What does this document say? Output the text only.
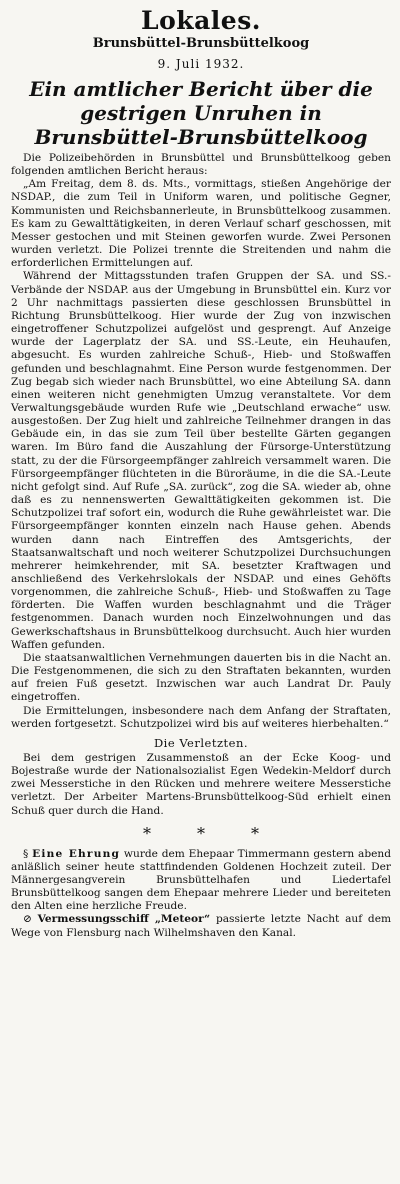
Lokales.
Brunsbüttel-Brunsbüttelkoog
9. Juli 1932.
Ein amtlicher Bericht über die gestrigen Unruhen in Brunsbüttel-Brunsbüttelkoog

Die Polizeibehörden in Brunsbüttel und Brunsbüttelkoog geben folgenden amtlichen Bericht heraus:

„Am Freitag, dem 8. ds. Mts., vormittags, stießen Angehörige der NSDAP., die zum Teil in Uniform waren, und politische Gegner, Kommunisten und Reichsbannerleute, in Brunsbüttelkoog zusammen. Es kam zu Gewalttätigkeiten, in deren Verlauf scharf geschossen, mit Messer gestochen und mit Steinen geworfen wurde. Zwei Personen wurden verletzt. Die Polizei trennte die Streitenden und nahm die erforderlichen Ermittelungen auf.

Während der Mittagsstunden trafen Gruppen der SA. und SS.-Verbände der NSDAP. aus der Umgebung in Brunsbüttel ein. Kurz vor 2 Uhr nachmittags passierten diese geschlossen Brunsbüttel in Richtung Brunsbüttelkoog. Hier wurde der Zug von inzwischen eingetroffener Schutzpolizei aufgelöst und gesprengt. Auf Anzeige wurde der Lagerplatz der SA. und SS.-Leute, ein Heuhaufen, abgesucht. Es wurden zahlreiche Schuß-, Hieb- und Stoßwaffen gefunden und beschlagnahmt. Eine Person wurde festgenommen. Der Zug begab sich wieder nach Brunsbüttel, wo eine Abteilung SA. dann einen weiteren nicht genehmigten Umzug veranstaltete. Vor dem Verwaltungsgebäude wurden Rufe wie „Deutschland erwache“ usw. ausgestoßen. Der Zug hielt und zahlreiche Teilnehmer drangen in das Gebäude ein, in das sie zum Teil über bestellte Gärten gegangen waren. Im Büro fand die Auszahlung der Fürsorge-Unterstützung statt, zu der die Fürsorgeempfänger zahlreich versammelt waren. Die Fürsorgeempfänger flüchteten in die Büroräume, in die die SA.-Leute nicht gefolgt sind. Auf Rufe „SA. zurück“, zog die SA. wieder ab, ohne daß es zu nennenswerten Gewalttätigkeiten gekommen ist. Die Schutzpolizei traf sofort ein, wodurch die Ruhe gewährleistet war. Die Fürsorgeempfänger konnten einzeln nach Hause gehen. Abends wurden dann nach Eintreffen des Amtsgerichts, der Staatsanwaltschaft und noch weiterer Schutzpolizei Durchsuchungen mehrerer heimkehrender, mit SA. besetzter Kraftwagen und anschließend des Verkehrslokals der NSDAP. und eines Gehöfts vorgenommen, die zahlreiche Schuß-, Hieb- und Stoßwaffen zu Tage förderten. Die Waffen wurden beschlagnahmt und die Träger festgenommen. Danach wurden noch Einzelwohnungen und das Gewerkschaftshaus in Brunsbüttelkoog durchsucht. Auch hier wurden Waffen gefunden.

Die staatsanwaltlichen Vernehmungen dauerten bis in die Nacht an. Die Festgenommenen, die sich zu den Straftaten bekannten, wurden auf freien Fuß gesetzt. Inzwischen war auch Landrat Dr. Pauly eingetroffen.

Die Ermittelungen, insbesondere nach dem Anfang der Straftaten, werden fortgesetzt. Schutzpolizei wird bis auf weiteres hierbehalten.“

Die Verletzten.

Bei dem gestrigen Zusammenstoß an der Ecke Koog- und Bojestraße wurde der Nationalsozialist Egen Wedekin-Meldorf durch zwei Messerstiche in den Rücken und mehrere weitere Messerstiche verletzt. Der Arbeiter Martens-Brunsbüttelkoog-Süd erhielt einen Schuß quer durch die Hand.

*	*	*

§ Eine Ehrung wurde dem Ehepaar Timmermann gestern abend anläßlich seiner heute stattfindenden Goldenen Hochzeit zuteil. Der Männergesangverein Brunsbüttelhafen und Liedertafel Brunsbüttelkoog sangen dem Ehepaar mehrere Lieder und bereiteten den Alten eine herzliche Freude.

⊘ Vermessungsschiff „Meteor“ passierte letzte Nacht auf dem Wege von Flensburg nach Wilhelmshaven den Kanal.
